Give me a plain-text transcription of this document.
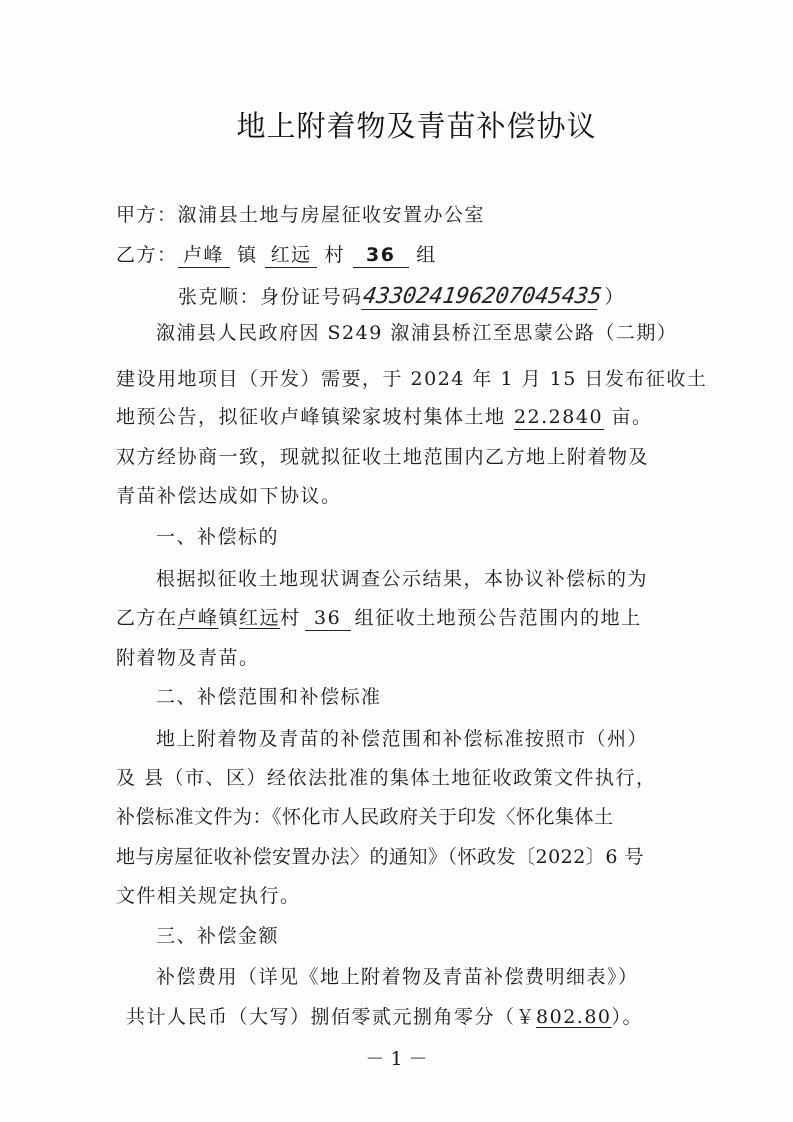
地上附着物及青苗补偿协议
甲方：溆浦县土地与房屋征收安置办公室
乙方： 卢峰 镇 红远 村 36 组
张克顺：身份证号码433024196207045435）
溆浦县人民政府因 S249 溆浦县桥江至思蒙公路（二期）
建设用地项目（开发）需要，于 2024 年 1 月 15 日发布征收土
地预公告，拟征收卢峰镇梁家坡村集体土地 22.2840 亩。
双方经协商一致，现就拟征收土地范围内乙方地上附着物及
青苗补偿达成如下协议。
一、补偿标的
根据拟征收土地现状调查公示结果，本协议补偿标的为
乙方在卢峰镇红远村 36 组征收土地预公告范围内的地上
附着物及青苗。
二、补偿范围和补偿标准
地上附着物及青苗的补偿范围和补偿标准按照市（州）
及 县（市、区）经依法批准的集体土地征收政策文件执行，
补偿标准文件为：《怀化市人民政府关于印发〈怀化集体土
地与房屋征收补偿安置办法〉的通知》（怀政发〔2022〕6 号
文件相关规定执行。
三、补偿金额
补偿费用（详见《地上附着物及青苗补偿费明细表》）
共计人民币（大写）捌佰零贰元捌角零分（￥802.80）。
－ 1 －
